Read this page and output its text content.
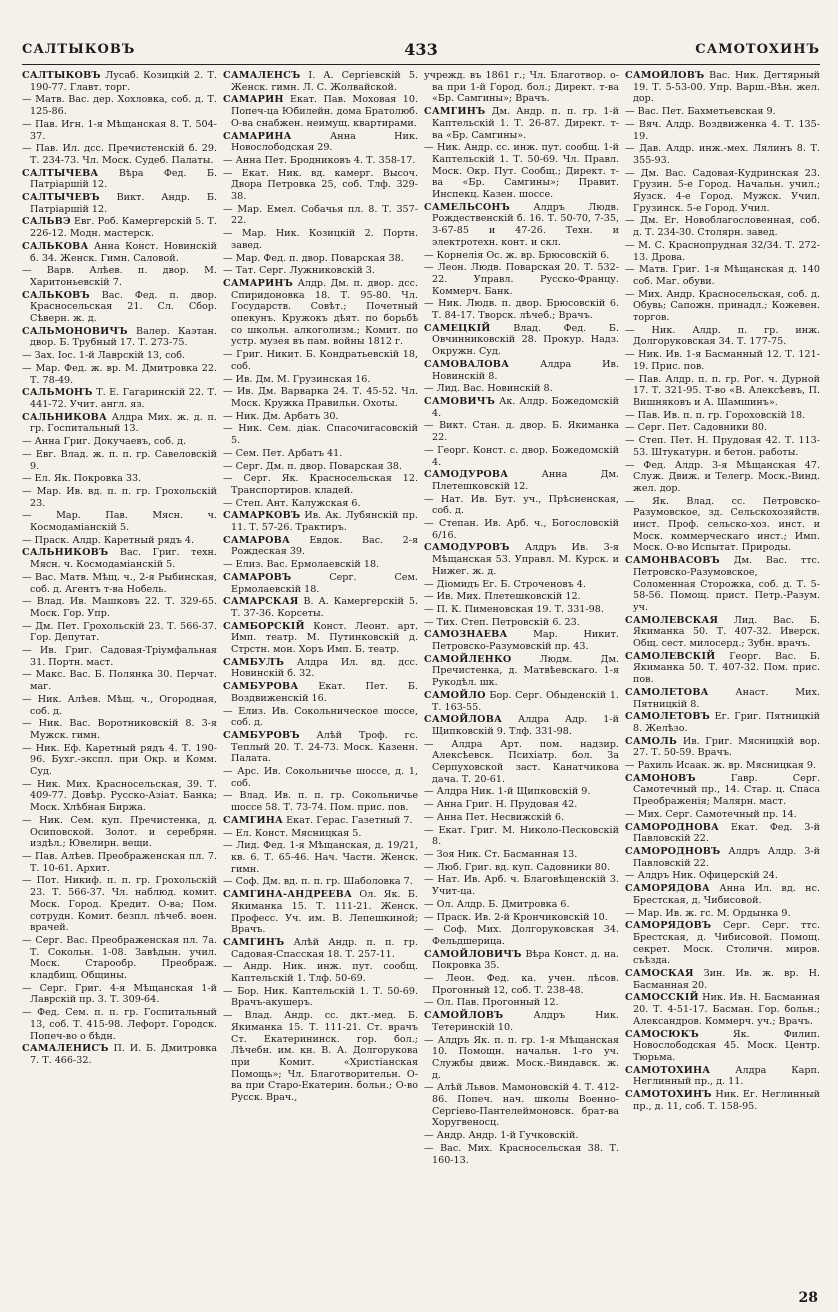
САЛТЫКОВЪ	433	САМОТОХИНЪ
САЛТЫКОВЪ Лусаб. Козицкій 2. Т. 190-77. Главт. торг.
— Матв. Вас. дер. Хохловка, соб. д. Т. 125-86.
— Пав. Игн. 1-я Мѣщанская 8. Т. 504-37.
— Пав. Ил. дсс. Пречистенскій б. 29. Т. 234-73. Чл. Моск. Судеб. Палаты.
САЛТЫЧЕВА Вѣра Фед. Б. Патріаршій 12.
САЛТЫЧЕВЪ Викт. Андр. Б. Патріаршій 12.
САЛЬВЭ Евг. Роб. Камергерскій 5. Т. 226-12. Модн. мастерск.
САЛЬКОВА Анна Конст. Новинскій б. 34. Женск. Гимн. Саловой.
— Варв. Алѣев. п. двор. М. Харитоньевскій 7.
САЛЬКОВЪ Вас. Фед. п. двор. Красносельская 21. Сл. Сбор. Сѣверн. ж. д.
САЛЬМОНОВИЧЪ Валер. Каэтан. двор. Б. Трубный 17. Т. 273-75.
— Зах. Іос. 1-й Лаврскій 13, соб.
— Мар. Фед. ж. вр. М. Дмитровка 22. Т. 78-49.
САЛЬМОНЪ Т. Е. Гагаринскій 22. Т. 441-72. Учит. англ. яз.
САЛЬНИКОВА Алдра Мих. ж. д. п. гр. Госпитальный 13.
— Анна Григ. Докучаевъ, соб. д.
— Евг. Влад. ж. п. п. гр. Савеловскій 9.
— Ел. Як. Покровка 33.
— Мар. Ив. вд. п. п. гр. Грохольскій 23.
— Мар. Пав. Мясн. ч. Космодаміанскій 5.
— Праск. Алдр. Каретный рядъ 4.
САЛЬНИКОВЪ Вас. Григ. техн. Мясн. ч. Космодаміанскій 5.
— Вас. Матв. Мѣщ. ч., 2-я Рыбинская, соб. д. Агентъ т-ва Нобель.
— Влад. Ив. Машковъ 22. Т. 329-65. Моск. Гор. Упр.
— Дм. Пет. Грохольскій 23. Т. 566-37. Гор. Депутат.
— Ив. Григ. Садовая-Тріумфальная 31. Портн. маст.
— Макс. Вас. Б. Полянка 30. Перчат. маг.
— Ник. Алѣев. Мѣщ. ч., Огородная, соб. д.
— Ник. Вас. Воротниковскій 8. 3-я Мужск. гимн.
— Ник. Еф. Каретный рядъ 4. Т. 190-96. Бухг.-экспл. при Окр. и Комм. Суд.
— Ник. Мих. Красносельская, 39. Т. 409-77. Довѣр. Русско-Азіат. Банка; Моск. Хлѣбная Биржа.
— Ник. Сем. куп. Пречистенка, д. Осиповской. Золот. и серебрян. издѣл.; Ювелирн. вещи.
— Пав. Алѣев. Преображенская пл. 7. Т. 10-61. Архит.
— Пот. Никиф. п. п. гр. Грохольскій 23. Т. 566-37. Чл. наблюд. комит. Моск. Город. Кредит. О-ва; Пом. сотрудн. Комит. безпл. лѣчеб. воен. врачей.
— Серг. Вас. Преображенская пл. 7а. Т. Сокольн. 1-08. Завѣдын. учил. Моск. Старообр. Преображ. кладбищ. Общины.
— Серг. Григ. 4-я Мѣщанская 1-й Лаврскій пр. 3. Т. 309-64.
— Фед. Сем. п. п. гр. Госпитальный 13, соб. Т. 415-98. Лефорт. Городск. Попеч-во о бѣдн.
САМАЛЕНИСЪ П. И. Б. Дмитровка 7. Т. 466-32.
САМАЛЕНСЪ І. А. Сергіевскій 5. Женск. гимн. Л. С. Жолвайской.
САМАРИН Екат. Пав. Моховая 10. Попеч-ца Юбилейн. дома Братолюб. О-ва снабжен. неимущ. квартирами.
САМАРИНА	Анна Ник. Новослободская 29.
— Анна Пет. Бродниковъ 4. Т. 358-17.
— Екат. Ник. вд. камерг. Высоч. Двора Петровка 25, соб. Тлф. 329-38.
— Мар. Емел. Собачья пл. 8. Т. 357-22.
— Мар. Ник. Козицкій 2. Портн. завед.
— Мар. Фед. п. двор. Поварская 38.
— Тат. Серг. Лужниковскій 3.
САМАРИНЪ Алдр. Дм. п. двор. дсс. Спиридоновка 18. Т. 95-80. Чл. Государств. Совѣт.; Почетный опекунъ. Кружокъ дѣят. по борьбѣ со школьн. алкоголизм.; Комит. по устр. музея въ пам. войны 1812 г.
— Григ. Никит. Б. Кондратьевскій 18, соб.
— Ив. Дм. М. Грузинская 16.
— Ив. Дм. Варварка 24. Т. 45-52. Чл. Моск. Кружка Правильн. Охоты.
— Ник. Дм. Арбатъ 30.
— Ник. Сем. діак. Спасочигасовскій 5.
— Сем. Пет. Арбатъ 41.
— Серг. Дм. п. двор. Поварская 38.
— Серг. Як. Красносельская 12. Транспортиров. кладей.
— Степ. Ант. Калужская 6.
САМАРКОВЪ Ив. Ак. Лубянскій пр. 11. Т. 57-26. Трактиръ.
САМАРОВА Евдок. Вас. 2-я Рождеская 39.
— Елиз. Вас. Ермолаевскій 18.
САМАРОВЪ	Серг. Сем. Ермолаевскій 18.
САМАРСКАЯ В. А. Камергерскій 5. Т. 37-36. Корсеты.
САМБОРСКІЙ Конст. Леонт. арт. Имп. театр. М. Путинковскій д. Стрстн. мон. Хоръ Имп. Б. театр.
САМБУЛЪ Алдра Ил. вд. дсс. Новинскій б. 32.
САМБУРОВА Екат. Пет. Б. Воздвиженскій 16.
— Елиз. Ив. Сокольническое шоссе, соб. д.
САМБУРОВЪ Алѣй Троф. гс. Теплый 20. Т. 24-73. Моск. Казенн. Палата.
— Арс. Ив. Сокольничье шоссе, д. 1, соб.
— Влад. Ив. п. п. гр. Сокольничье шоссе 58. Т. 73-74. Пом. прис. пов.
САМГИНА Екат. Герас. Газетный 7.
— Ел. Конст. Мясницкая 5.
— Лид. Фед. 1-я Мѣщанская, д. 19/21, кв. 6. Т. 65-46. Нач. Частн. Женск. гимн.
— Соф. Дм. вд. п. п. гр. Шаболовка 7.
САМГИНА-АНДРЕЕВА Ол. Як. Б. Якиманка 15. Т. 111-21. Женск. Професс. Уч. им. В. Лепешкиной; Врачъ.
САМГИНЪ Алѣй Андр. п. п. гр. Садовая-Спасская 18. Т. 257-11.
— Андр. Ник. инж. пут. сообщ. Каптельскій 1. Тлф. 50-69.
— Бор. Ник. Каптельскій 1. Т. 50-69. Врачъ-акушеръ.
— Влад. Андр. сс. дкт.-мед. Б. Якиманка 15. Т. 111-21. Ст. врачъ Ст. Екатерининск. гор. бол.; Лѣчебн. им. кн. В. А. Долгорукова при Комит. «Христіанская Помощь»; Чл. Благотворительн. О-ва при Старо-Екатерин. больн.; О-во Русск. Врач.,
учрежд. въ 1861 г.; Чл. Благотвор. о-ва при 1-й Город. бол.; Директ. т-ва «Бр. Самгины»; Врачъ.
САМГИНЪ Дм. Андр. п. п. гр. 1-й Каптельскій 1. Т. 26-87. Директ. т-ва «Бр. Самгины».
— Ник. Андр. сс. инж. пут. сообщ. 1-й Каптельскій 1. Т. 50-69. Чл. Правл. Моск. Окр. Пут. Сообщ.; Директ. т-ва «Бр. Самгины»; Правит. Инспекц. Казен. шоссе.
САМЕЛЬСОНЪ Алдръ Людв. Рождественскій б. 16. Т. 50-70, 7-35, 3-67-85 и 47-26. Техн. и электротехн. конт. и скл.
— Корнелія Ос. ж. вр. Брюсовскій 6.
— Леон. Людв. Поварская 20. Т. 532-22. Управл. Русско-Францу. Коммерч. Банк.
— Ник. Людв. п. двор. Брюсовскій 6. Т. 84-17. Творск. лѣчеб.; Врачъ.
САМЕЦКІЙ Влад. Фед. Б. Овчинниковскій 28. Прокур. Надз. Окружн. Суд.
САМОВАЛОВА	Алдра Ив. Новинскій 8.
— Лид. Вас. Новинскій 8.
САМОВИЧЪ Ак. Алдр. Божедомскій 4.
— Викт. Стан. д. двор. Б. Якиманка 22.
— Георг. Конст. с. двор. Божедомскій 4.
САМОДУРОВА	Анна Дм. Плетешковскій 12.
— Нат. Ив. Бут. уч., Прѣсненская, соб. д.
— Степан. Ив. Арб. ч., Богословскій 6/16.
САМОДУРОВЪ Алдръ Ив. 3-я Мѣщанская 53. Управл. М. Курск. и Нижег. ж. д.
— Діомидъ Ег. Б. Строченовъ 4.
— Ив. Мих. Плетешковскій 12.
— П. К. Пименовская 19. Т. 331-98.
— Тих. Степ. Петровскій 6. 23.
САМОЗНАЕВА	Мар. Никит. Петровско-Разумовскій пр. 43.
САМОЙЛЕНКО	Людм. Дм. Пречистенка, д. Матвѣевскаго. 1-я Рукодѣл. шк.
САМОЙЛО Бор. Серг. Обыденскій 1. Т. 163-55.
САМОЙЛОВА Алдра Адр. 1-й Щипковскій 9. Тлф. 331-98.
— Алдра Арт. пом. надзир. Алексѣевск. Психіатр. бол. За Серпуховской заст. Канатчикова дача. Т. 20-61.
— Алдра Ник. 1-й Щипковскій 9.
— Анна Григ. Н. Прудовая 42.
— Анна Пет. Несвижскій 6.
— Екат. Григ. М. Николо-Песковскій 8.
— Зоя Ник. Ст. Басманная 13.
— Люб. Григ. вд. куп. Садовники 80.
— Нат. Ив. Арб. ч. Благовѣщенскій 3. Учит-ца.
— Ол. Алдр. Б. Дмитровка 6.
— Праск. Ив. 2-й Крончиковскій 10.
— Соф. Мих. Долгоруковская 34. Фельдшерица.
САМОЙЛОВИЧЪ Вѣра Конст. д. на. Покровка 35.
— Леон. Фед. ка. учен. лѣсов. Прогонный 12, соб. Т. 238-48.
— Ол. Пав. Прогонный 12.
САМОЙЛОВЪ	Алдръ Ник. Тетеринскій 10.
— Алдръ Як. п. п. гр. 1-я Мѣщанская 10. Помощн. начальн. 1-го уч. Службы движ. Моск.-Виндавск. ж. д.
— Алѣй Львов. Мамоновскій 4. Т. 412-86. Попеч. нач. школы Военно-Сергіево-Пантелеймоновск. брат-ва Хоругвеносц.
— Андр. Андр. 1-й Гучковскій.
— Вас. Мих. Красносельская 38. Т. 160-13.
САМОЙЛОВЪ Вас. Ник. Дегтярный 19. Т. 5-53-00. Упр. Варш.-Вѣн. жел. дор.
— Вас. Пет. Бахметьевская 9.
— Вяч. Алдр. Воздвиженка 4. Т. 135-19.
— Дав. Алдр. инж.-мех. Лялинъ 8. Т. 355-93.
— Дм. Вас. Садовая-Кудринская 23. Грузин. 5-е Город. Начальн. учил.; Яузск. 4-е Город. Мужск. Учил. Грузинск. 5-е Город. Учил.
— Дм. Ег. Новоблагословенная, соб. д. Т. 234-30. Столярн. завед.
— М. С. Краснопрудная 32/34. Т. 272-13. Дрова.
— Матв. Григ. 1-я Мѣщанская д. 140 соб. Маг. обуви.
— Мих. Андр. Красносельская, соб. д. Обувь; Сапожн. принадл.; Кожевен. торгов.
— Ник. Алдр. п. гр. инж. Долгоруковская 34. Т. 177-75.
— Ник. Ив. 1-я Басманный 12. Т. 121-19. Прис. пов.
— Пав. Алдр. п. п. гр. Рог. ч. Дурной 17. Т. 321-95. Т-во «В. Алексѣевъ, П. Вишняковъ и А. Шамшинъ».
— Пав. Ив. п. п. гр. Гороховскій 18.
— Серг. Пет. Садовники 80.
— Степ. Пет. Н. Прудовая 42. Т. 113-53. Штукатурн. и бетон. работы.
— Фед. Алдр. 3-я Мѣщанская 47. Служ. Движ. и Телегр. Моск.-Винд. жел. дор.
— Як. Влад. сс. Петровско-Разумовское, зд. Сельскохозяйств. инст. Проф. сельско-хоз. инст. и Моск. коммерческаго инст.; Имп. Моск. О-во Испытат. Природы.
САМОНВАСОВЪ Дм. Вас. ттс. Петровско-Разумовское, Соломенная Сторожка, соб. д. Т. 5-58-56. Помощ. прист. Петр.-Разум. уч.
САМОЛЕВСКАЯ Лид. Вас. Б. Якиманка 50. Т. 407-32. Иверск. Общ. сест. милосерд.; Зубн. врачъ.
САМОЛЕВСКІЙ Георг. Вас. Б. Якиманка 50. Т. 407-32. Пом. прис. пов.
САМОЛЕТОВА	Анаст. Мих. Пятницкій 8.
САМОЛЕТОВЪ Ег. Григ. Пятницкій 8. Желѣзо.
САМОЛЬ Ив. Григ. Мясницкій вор. 27. Т. 50-59. Врачъ.
— Рахиль Исаак. ж. вр. Мясницкая 9.
САМОНОВЪ	Гавр. Серг. Самотечный пр., 14. Стар. ц. Спаса Преображенія; Малярн. маст.
— Мих. Серг. Самотечный пр. 14.
САМОРОДНОВА Екат. Фед. 3-й Павловскій 22.
САМОРОДНОВЪ Алдръ Алдр. 3-й Павловскій 22.
— Алдръ Ник. Офицерскій 24.
САМОРЯДОВА Анна Ил. вд. нс. Брестская, д. Чибисовой.
— Мар. Ив. ж. гс. М. Ордынка 9.
САМОРЯДОВЪ Серг. Серг. ттс. Брестская, д. Чибисовой. Помощ. секрет. Моск. Столичн. миров. съѣзда.
САМОСКАЯ Зин. Ив. ж. вр. Н. Басманная 20.
САМОССКІЙ Ник. Ив. Н. Басманная 20. Т. 4-51-17. Басман. Гор. больн.; Александров. Коммерч. уч.; Врачъ.
САМОСЮКЪ	Як. Филип. Новослободская 45. Моск. Центр. Тюрьма.
САМОТОХИНА	Алдра Карп. Неглинный пр., д. 11.
САМОТОХИНЪ Ник. Ег. Неглинный пр., д. 11, соб. Т. 158-95.
28
